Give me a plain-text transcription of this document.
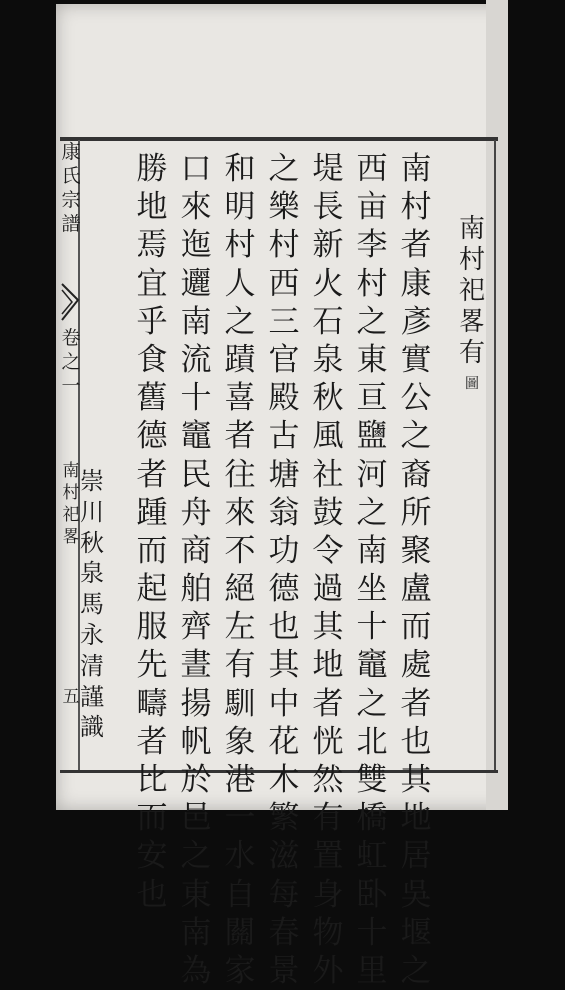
康
氏
宗
譜
卷
之
一
南
村
祀
畧
五
南
村
祀
畧
有
圖
南
村
者
康
彥
實
公
之
裔
所
聚
盧
而
處
者
也
其
地
居
吳
堰
之
西
亩
李
村
之
東
亘
鹽
河
之
南
坐
十
竈
之
北
雙
橋
虹
卧
十
里
堤
長
新
火
石
泉
秋
風
社
鼓
令
過
其
地
者
恍
然
有
置
身
物
外
之
樂
村
西
三
官
殿
古
塘
翁
功
德
也
其
中
花
木
繁
滋
每
春
景
和
明
村
人
之
蹟
喜
者
往
來
不
絕
左
有
馴
象
港
一
水
自
關
家
口
來
迤
邐
南
流
十
竈
民
舟
商
舶
齊
晝
揚
帆
於
邑
之
東
南
為
勝
地
焉
宜
乎
食
舊
德
者
踵
而
起
服
先
疇
者
比
而
安
也
崇
川
秋
泉
馬
永
清
謹
識
